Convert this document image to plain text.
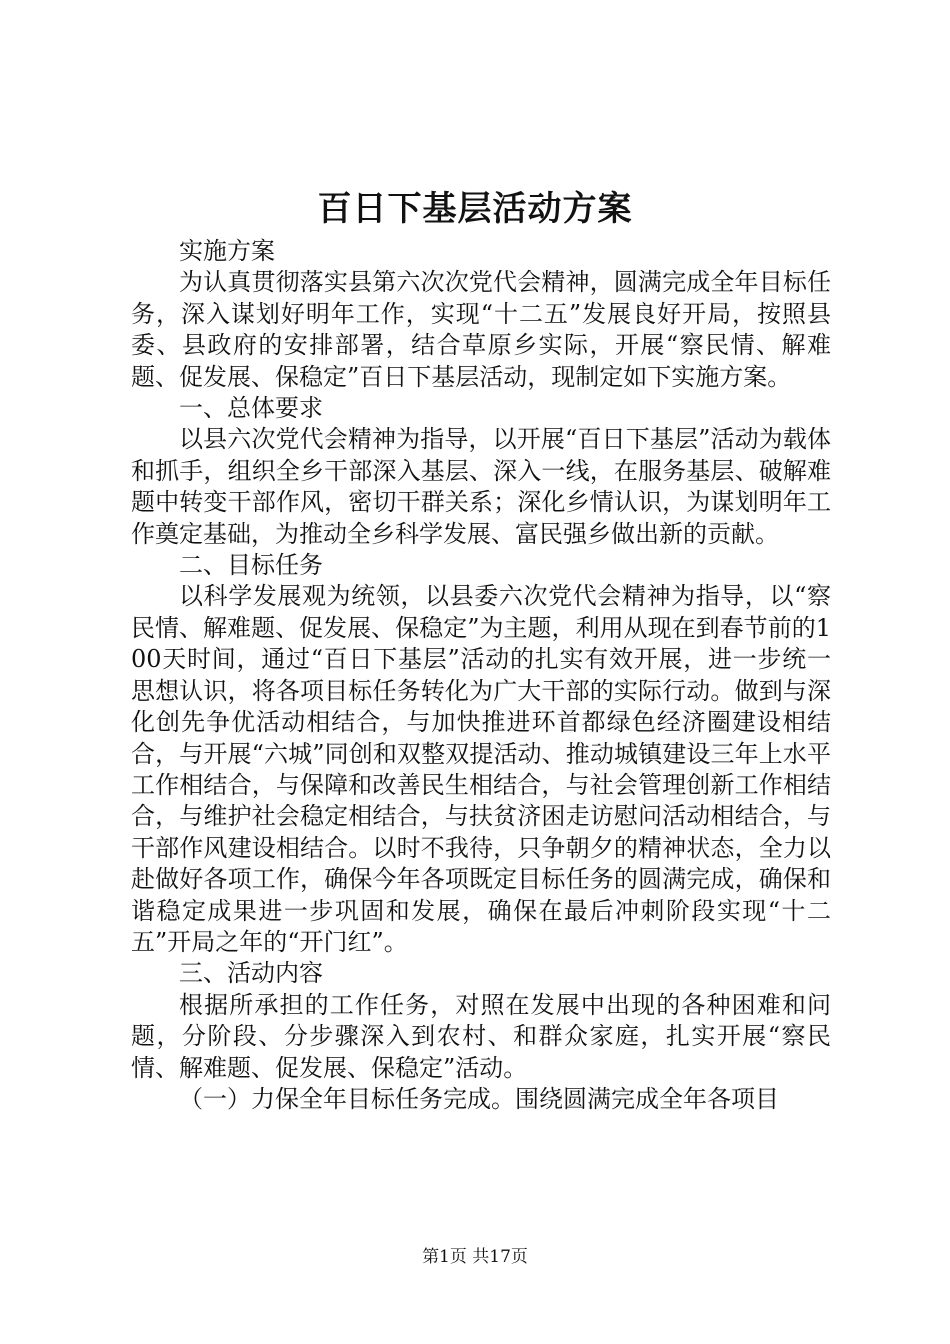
百日下基层活动方案

实施方案

为认真贯彻落实县第六次次党代会精神，圆满完成全年目标任务，深入谋划好明年工作，实现“十二五”发展良好开局，按照县委、县政府的安排部署，结合草原乡实际，开展“察民情、解难题、促发展、保稳定”百日下基层活动，现制定如下实施方案。

一、总体要求

以县六次党代会精神为指导，以开展“百日下基层”活动为载体和抓手，组织全乡干部深入基层、深入一线，在服务基层、破解难题中转变干部作风，密切干群关系；深化乡情认识，为谋划明年工作奠定基础，为推动全乡科学发展、富民强乡做出新的贡献。

二、目标任务

以科学发展观为统领，以县委六次党代会精神为指导，以“察民情、解难题、促发展、保稳定”为主题，利用从现在到春节前的100天时间，通过“百日下基层”活动的扎实有效开展，进一步统一思想认识，将各项目标任务转化为广大干部的实际行动。做到与深化创先争优活动相结合，与加快推进环首都绿色经济圈建设相结合，与开展“六城”同创和双整双提活动、推动城镇建设三年上水平工作相结合，与保障和改善民生相结合，与社会管理创新工作相结合，与维护社会稳定相结合，与扶贫济困走访慰问活动相结合，与干部作风建设相结合。以时不我待，只争朝夕的精神状态，全力以赴做好各项工作，确保今年各项既定目标任务的圆满完成，确保和谐稳定成果进一步巩固和发展，确保在最后冲刺阶段实现“十二五”开局之年的“开门红”。

三、活动内容

根据所承担的工作任务，对照在发展中出现的各种困难和问题，分阶段、分步骤深入到农村、和群众家庭，扎实开展“察民情、解难题、促发展、保稳定”活动。

（一）力保全年目标任务完成。围绕圆满完成全年各项目

第1页 共17页
